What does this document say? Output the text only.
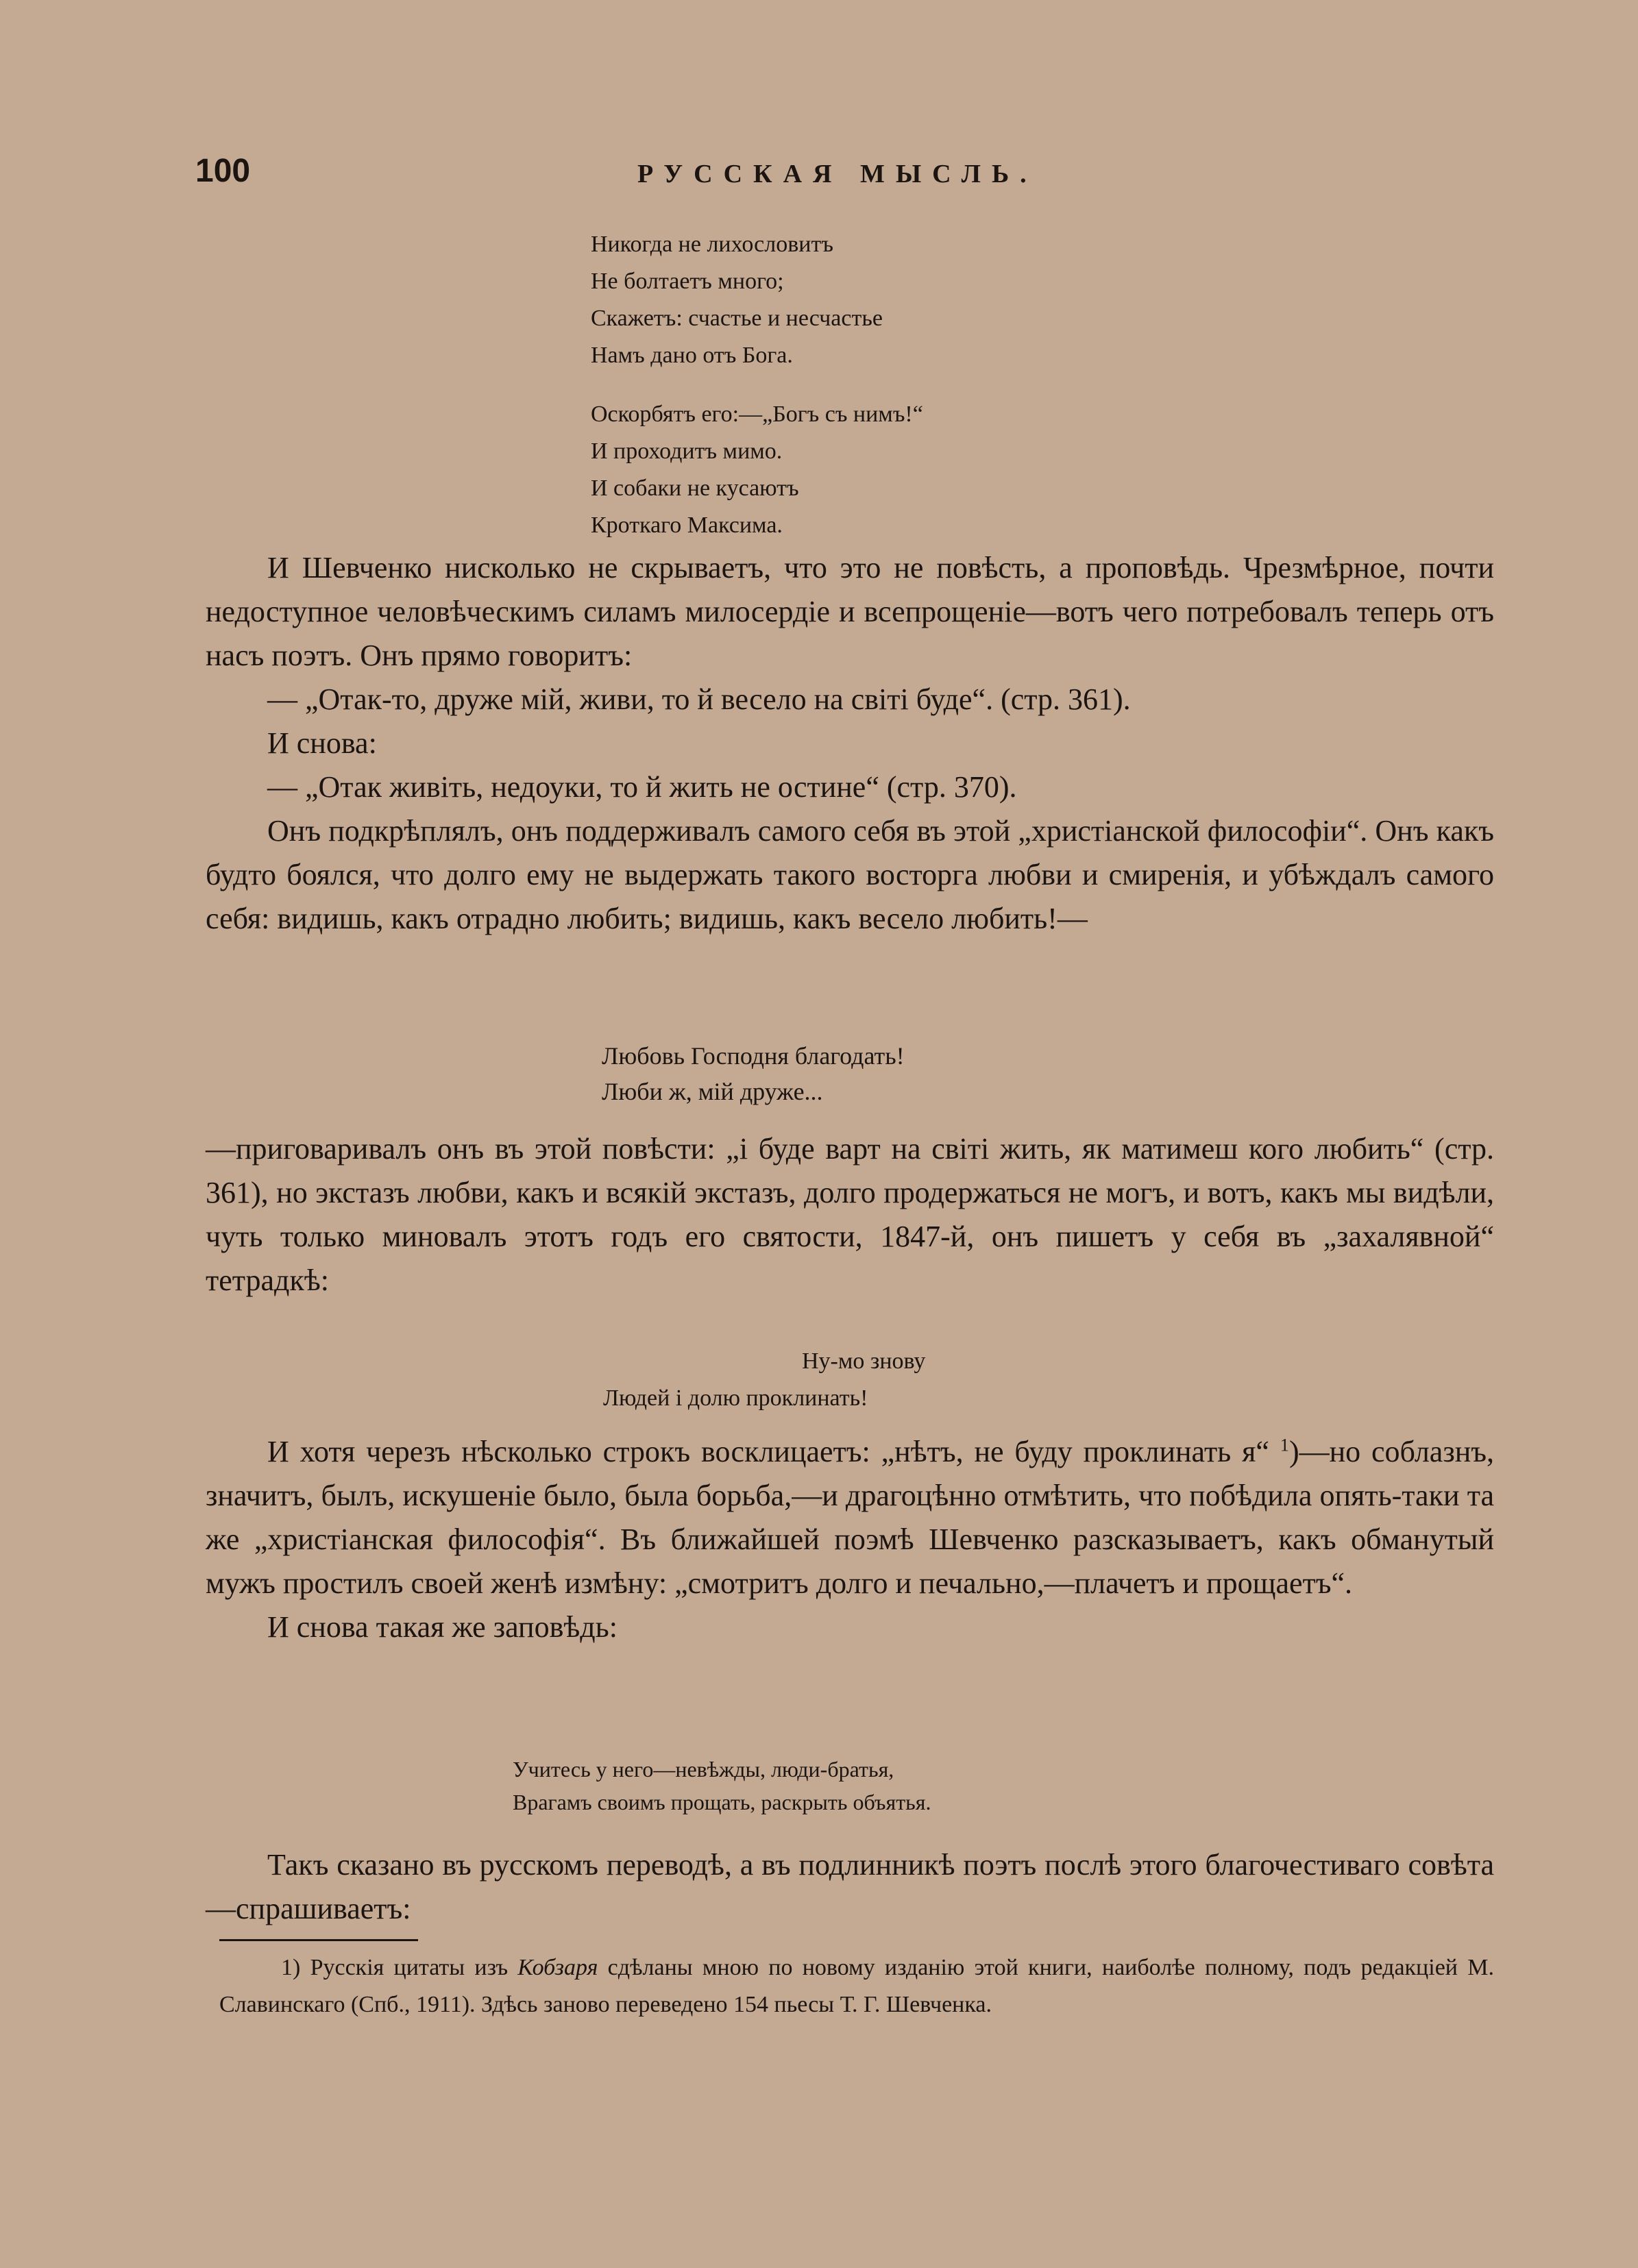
100	РУССКАЯ МЫСЛЬ.
Никогда не лихословитъ
Не болтаетъ много;
Скажетъ: счастье и несчастье
Намъ дано отъ Бога.
Оскорбятъ его:—„Богъ съ нимъ!“
И проходитъ мимо.
И собаки не кусаютъ
Кроткаго Максима.

И Шевченко нисколько не скрываетъ, что это не повѣсть, а проповѣдь. Чрезмѣрное, почти недоступное человѣческимъ силамъ милосердіе и всепрощеніе—вотъ чего потребовалъ теперь отъ насъ поэтъ. Онъ прямо говоритъ:

— „Отак-то, друже мій, живи, то й весело на світі буде“. (стр. 361).

И снова:

— „Отак живіть, недоуки, то й жить не остине“ (стр. 370).

Онъ подкрѣплялъ, онъ поддерживалъ самого себя въ этой „христіанской философіи“. Онъ какъ будто боялся, что долго ему не выдержать такого восторга любви и смиренія, и убѣждалъ самого себя: видишь, какъ отрадно любить; видишь, какъ весело любить!—

Любовь Господня благодать!
Люби ж, мій друже...

—приговаривалъ онъ въ этой повѣсти: „і буде варт на світі жить, як матимеш кого любить“ (стр. 361), но экстазъ любви, какъ и всякій экстазъ, долго продержаться не могъ, и вотъ, какъ мы видѣли, чуть только миновалъ этотъ годъ его святости, 1847-й, онъ пишетъ у себя въ „захалявной“ тетрадкѣ:

Ну-мо знову
Людей і долю проклинать!

И хотя черезъ нѣсколько строкъ восклицаетъ: „нѣтъ, не буду проклинать я“ $^1$)—но соблазнъ, значитъ, былъ, искушеніе было, была борьба,—и драгоцѣнно отмѣтить, что побѣдила опять-таки та же „христіанская философія“. Въ ближайшей поэмѣ Шевченко разсказываетъ, какъ обманутый мужъ простилъ своей женѣ измѣну: „смотритъ долго и печально,—плачетъ и прощаетъ“.

И снова такая же заповѣдь:

Учитесь у него—невѣжды, люди-братья,
Врагамъ своимъ прощать, раскрыть объятья.

Такъ сказано въ русскомъ переводѣ, а въ подлинникѣ поэтъ послѣ этого благочестиваго совѣта—спрашиваетъ:

1) Русскія цитаты изъ Кобзаря сдѣланы мною по новому изданію этой книги, наиболѣе полному, подъ редакціей М. Славинскаго (Спб., 1911). Здѣсь заново переведено 154 пьесы Т. Г. Шевченка.
